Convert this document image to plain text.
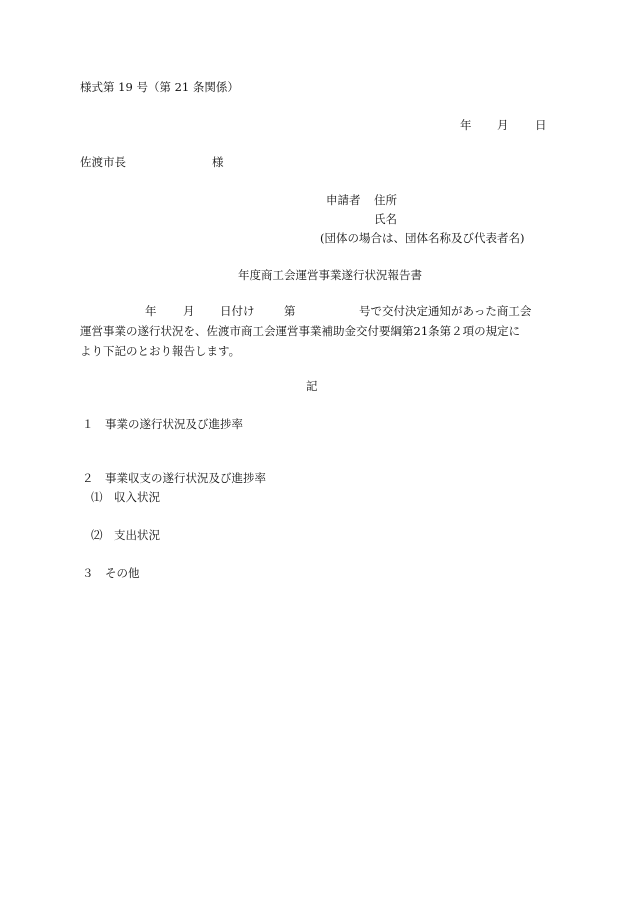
様式第 19 号（第 21 条関係）
年 月 日
佐渡市長	様
申請者 住所
氏名
(団体の場合は、団体名称及び代表者名)
年度商工会運営事業遂行状況報告書
年 月 日付け	第	号で交付決定通知があった商工会
運営事業の遂行状況を、佐渡市商工会運営事業補助金交付要綱第21条第２項の規定に
より下記のとおり報告します。
記
１　事業の遂行状況及び進捗率
２　事業収支の遂行状況及び進捗率
⑴　収入状況
⑵　支出状況
３　その他
